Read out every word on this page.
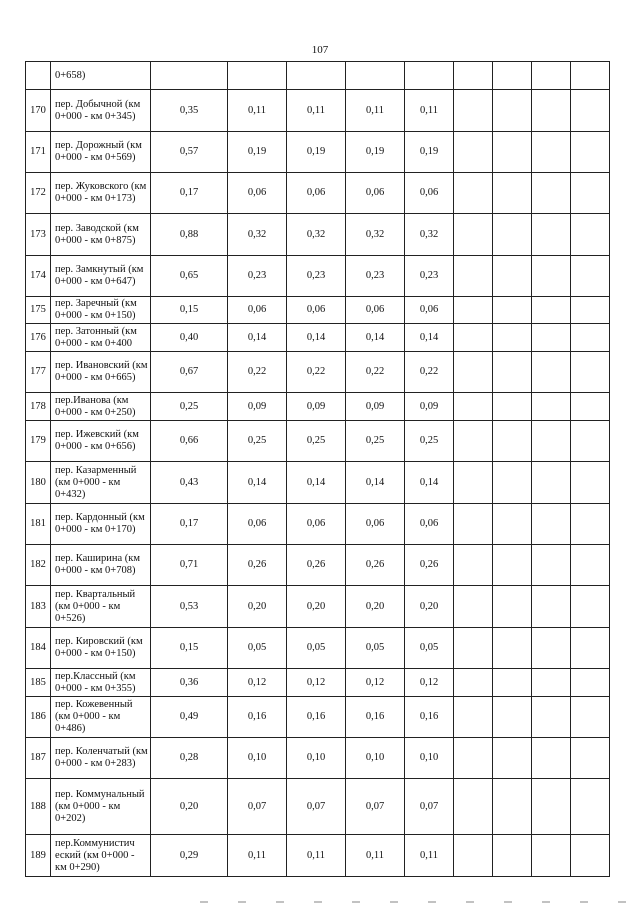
107
	0+658)									
170	пер. Добычной (км 0+000 - км 0+345)	0,35	0,11	0,11	0,11	0,11				
171	пер. Дорожный (км 0+000 - км 0+569)	0,57	0,19	0,19	0,19	0,19				
172	пер. Жуковского (км 0+000 - км 0+173)	0,17	0,06	0,06	0,06	0,06				
173	пер. Заводской (км 0+000 - км 0+875)	0,88	0,32	0,32	0,32	0,32				
174	пер. Замкнутый (км 0+000 - км 0+647)	0,65	0,23	0,23	0,23	0,23				
175	пер. Заречный (км 0+000 - км 0+150)	0,15	0,06	0,06	0,06	0,06				
176	пер. Затонный (км 0+000 - км 0+400	0,40	0,14	0,14	0,14	0,14				
177	пер. Ивановский (км 0+000 - км 0+665)	0,67	0,22	0,22	0,22	0,22				
178	пер.Иванова (км 0+000 - км 0+250)	0,25	0,09	0,09	0,09	0,09				
179	пер. Ижевский (км 0+000 - км 0+656)	0,66	0,25	0,25	0,25	0,25				
180	пер. Казарменный (км 0+000 - км 0+432)	0,43	0,14	0,14	0,14	0,14				
181	пер. Кардонный (км 0+000 - км 0+170)	0,17	0,06	0,06	0,06	0,06				
182	пер. Каширина (км 0+000 - км 0+708)	0,71	0,26	0,26	0,26	0,26				
183	пер. Квартальный (км 0+000 - км 0+526)	0,53	0,20	0,20	0,20	0,20				
184	пер. Кировский (км 0+000 - км 0+150)	0,15	0,05	0,05	0,05	0,05				
185	пер.Классный (км 0+000 - км 0+355)	0,36	0,12	0,12	0,12	0,12				
186	пер. Кожевенный (км 0+000 - км 0+486)	0,49	0,16	0,16	0,16	0,16				
187	пер. Коленчатый (км 0+000 - км 0+283)	0,28	0,10	0,10	0,10	0,10				
188	пер. Коммунальный (км 0+000 - км 0+202)	0,20	0,07	0,07	0,07	0,07				
189	пер.Коммунистич еский (км 0+000 - км 0+290)	0,29	0,11	0,11	0,11	0,11				
